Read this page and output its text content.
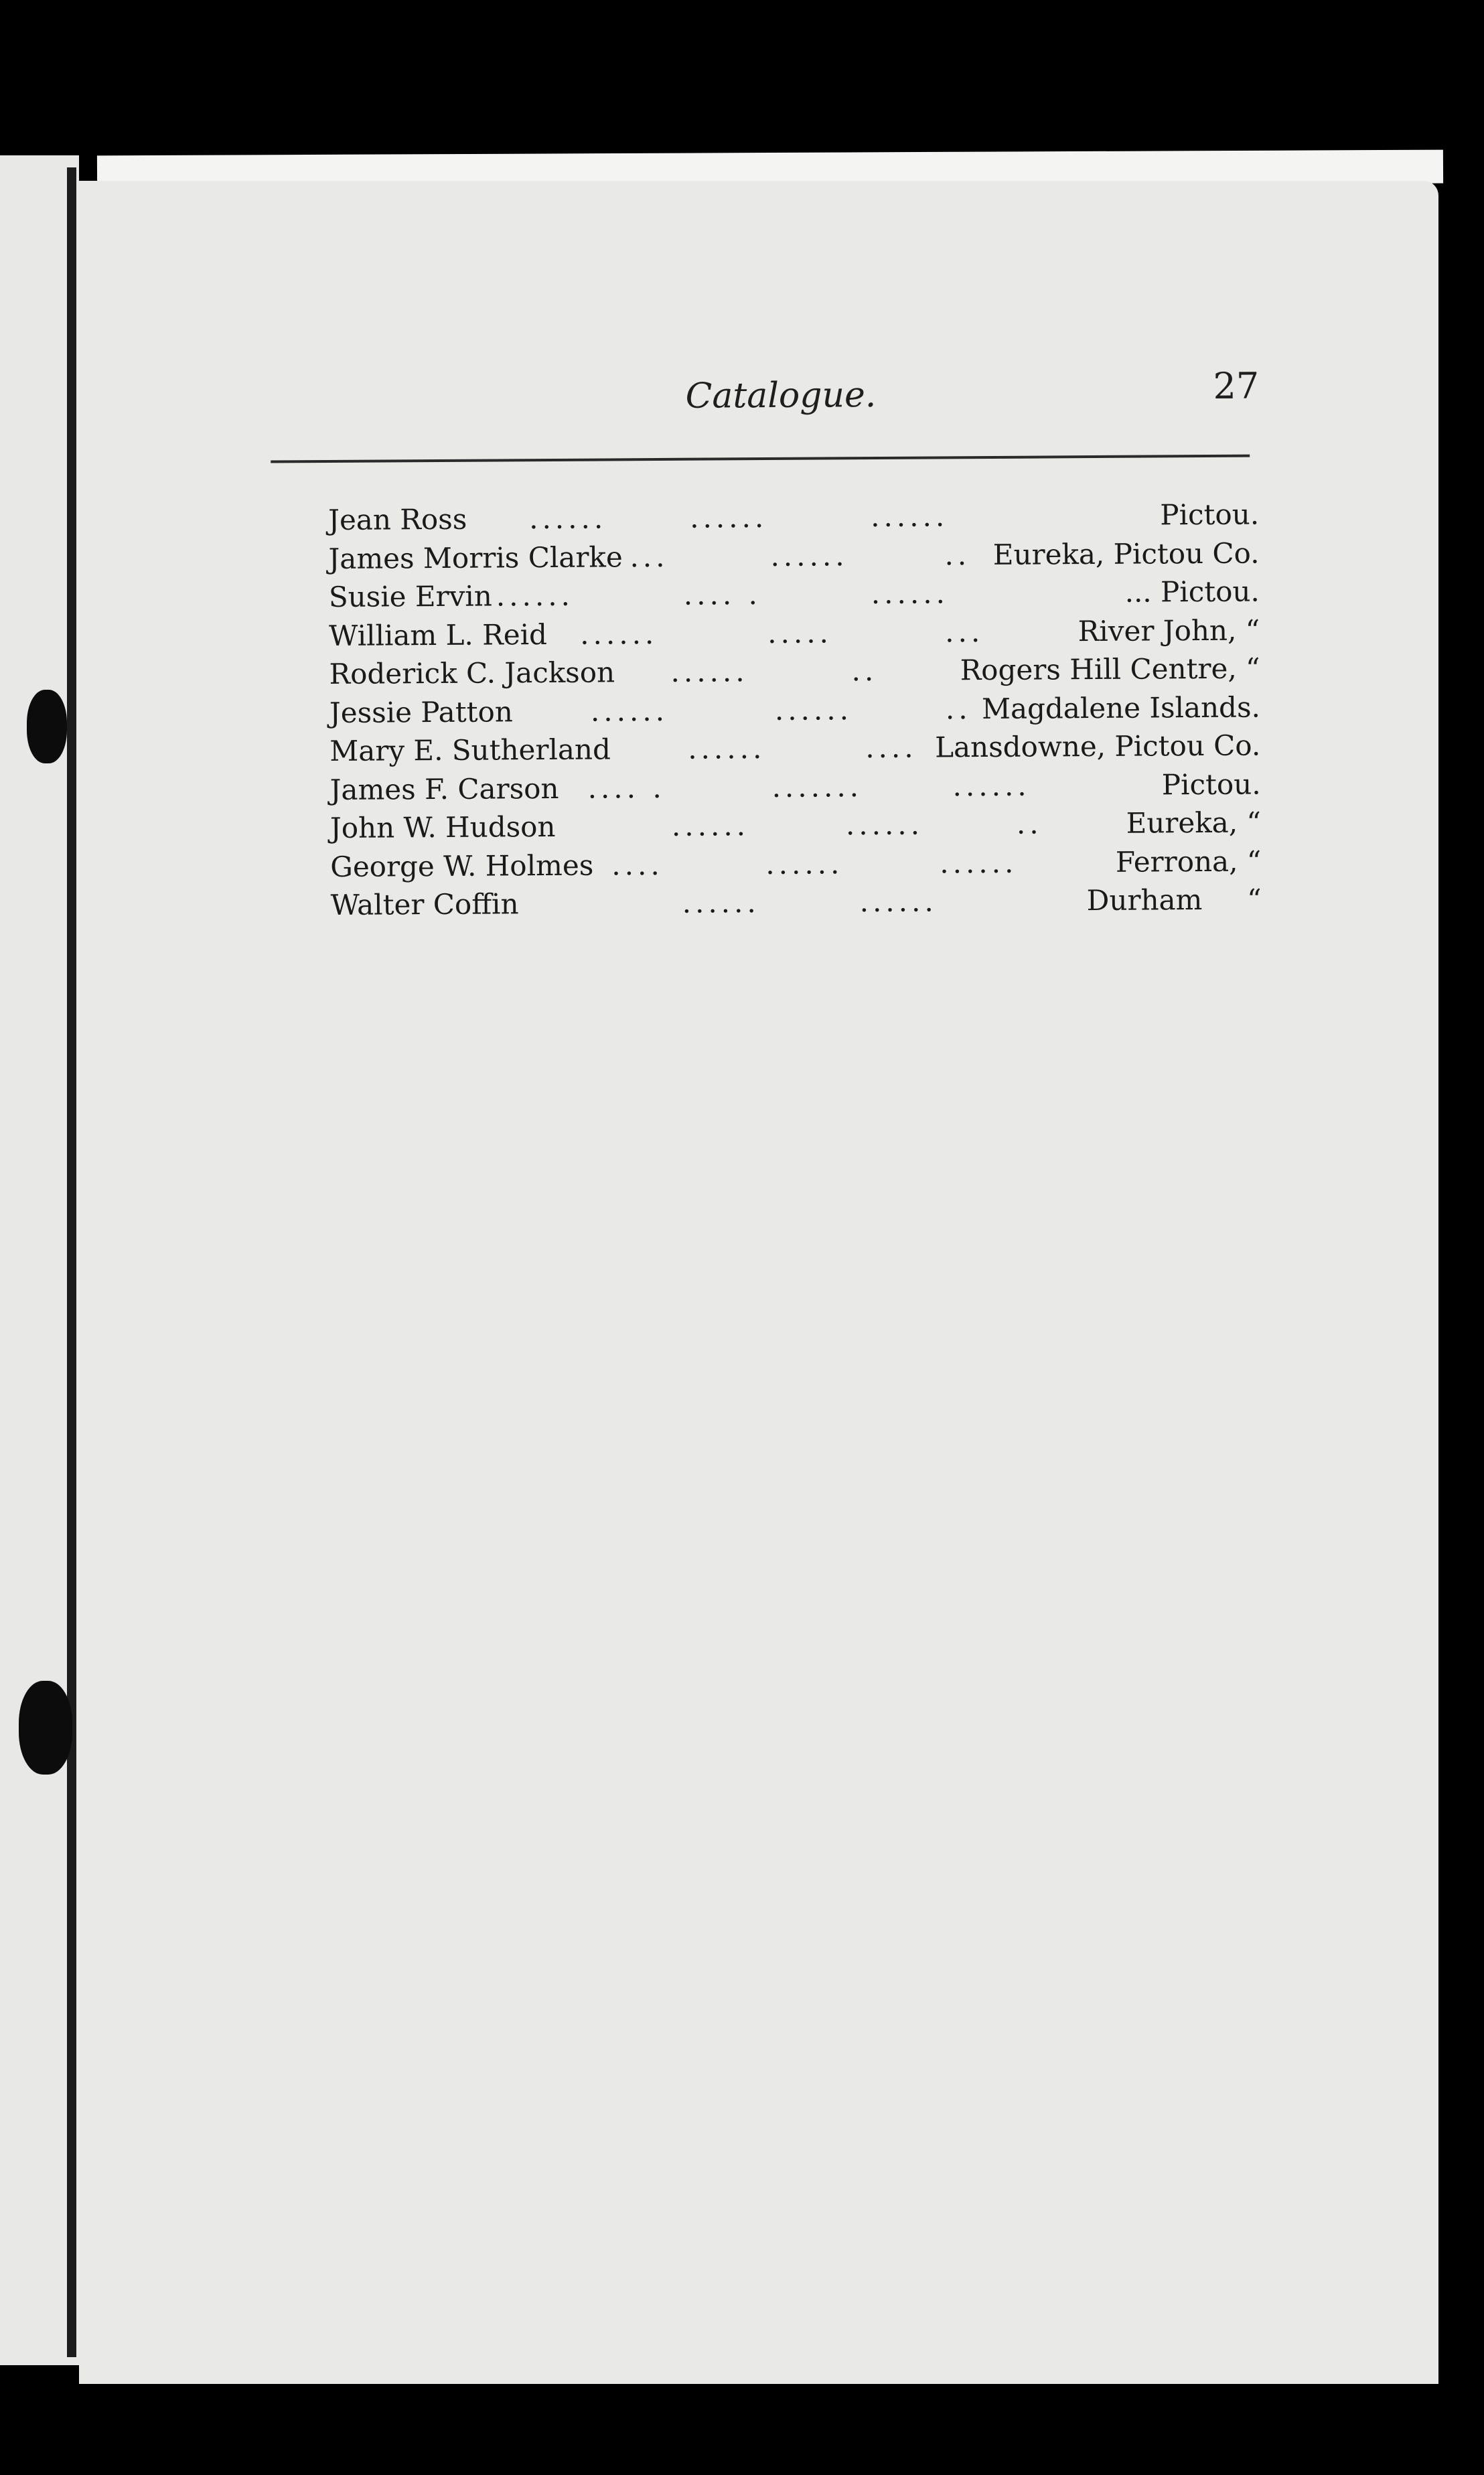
Catalogue.	27
Jean Ross ......	......	......	Pictou.
James Morris Clarke ...	......	.. Eureka, Pictou Co.
Susie Ervin ......	.... .	......	... Pictou.
William L. Reid ......	.....	...	River John, “
Roderick C. Jackson ......	..	Rogers Hill Centre, “
Jessie Patton	......	......	.. Magdalene Islands.
Mary E. Sutherland	......	.... Lansdowne, Pictou Co.
James F. Carson .... .	.......	......	Pictou.
John W. Hudson	......	......	..	Eureka, “
George W. Holmes ....	......	......	Ferrona, “
Walter Coffin	......	......	Durham     “
